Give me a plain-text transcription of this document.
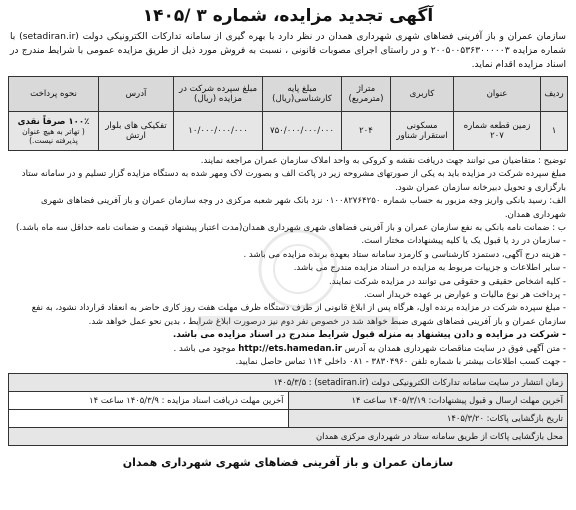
آگهی تجدید مزایده، شماره ۳ /۱۴۰۵
سازمان عمران و باز آفرینی فضاهای شهری شهرداری همدان در نظر دارد با بهره گیری از سامانه تدارکات الکترونیکی دولت (setadiran.ir) با شماره مزایده ۲۰۰۵۰۰۵۳۶۳۰۰۰۰۰۳ و در راستای اجرای مصوبات قانونی ، نسبت به فروش مورد ذیل از طریق مزایده عمومی با شرایط مندرج در اسناد مزایده اقدام نماید.
ردیف	عنوان	کاربری	متراژ (مترمربع)	مبلغ پایه کارشناسی(ریال)	مبلغ سپرده شرکت در مزایده (ریال)	آدرس	نحوه پرداخت
۱	زمین قطعه شماره ۲۰۷	مسکونی استقرار شناور	۲۰۴	۷۵۰/۰۰۰/۰۰۰/۰۰۰	۱۰/۰۰۰/۰۰۰/۰۰۰	تفکیکی های بلوار ارتش	۱۰۰٪ صرفاً نقدی
( تهاتر به هیچ عنوان پذیرفته نیست.)

توضیح : متقاضیان می توانند جهت دریافت نقشه و کروکی به واحد املاک سازمان عمران مراجعه نمایند.

مبلغ سپرده شرکت در مزایده باید به یکی از صورتهای مشروحه زیر در پاکت الف و بصورت لاک ومهر شده به دستگاه مزایده گزار تسلیم و در سامانه ستاد بارگزاری و تحویل دبیرخانه سازمان عمران شود.

الف: رسید بانکی واریز وجه مزبور به حساب شماره ۰۱۰۰۸۲۷۶۴۲۵۰ نزد بانک شهر شعبه مرکزی در وجه سازمان عمران و باز آفرینی فضاهای شهری شهرداری همدان.

ب : ضمانت نامه بانکی به نفع سازمان عمران و باز آفرینی فضاهای شهری شهرداری همدان(مدت اعتبار پیشنهاد قیمت و ضمانت نامه حداقل سه ماه باشد.)

- سازمان در رد یا قبول یک یا کلیه پیشنهادات مختار است.

- هزینه درج آگهی، دستمزد کارشناسی و کارمزد سامانه ستاد بعهده برنده مزایده می باشد .

- سایر اطلاعات و جزییات مربوط به مزایده در اسناد مزایده مندرج می باشد.

- کلیه اشخاص حقیقی و حقوقی می توانند در مزایده شرکت نمایند.

- پرداخت هر نوع مالیات و عوارض بر عهده خریدار است.

- مبلغ سپرده شرکت در مزایده برنده اول، هرگاه پس از ابلاغ قانونی از طرف دستگاه ظرف مهلت هفت روز کاری حاضر به انعقاد قرارداد نشود، به نفع سازمان عمران و باز آفرینی فضاهای شهری ضبط خواهد شد در خصوص نفر دوم نیز درصورت ابلاغ شرایط ، بدین نحو عمل خواهد شد.

- شرکت در مزایده و دادن پیشنهاد به منزله قبول شرایط مندرج در اسناد مزایده می باشد.

- متن آگهی فوق در سایت مناقصات شهرداری همدان به آدرس http://ets.hamedan.ir موجود می باشد .

- جهت کسب اطلاعات بیشتر با شماره تلفن ۳۸۳۰۴۹۶۰ - ۰۸۱ داخلی ۱۱۴ تماس حاصل نمایید.

زمان انتشار در سایت سامانه تدارکات الکترونیکی دولت (setadiran.ir) : ۱۴۰۵/۳/۵	
آخرین مهلت ارسال و قبول پیشنهادات: ۱۴۰۵/۳/۱۹ ساعت ۱۴	آخرین مهلت دریافت اسناد مزایده : ۱۴۰۵/۳/۹ ساعت ۱۴
تاریخ بازگشایی پاکات: ۱۴۰۵/۳/۲۰	
محل بازگشایی پاکات از طریق سامانه ستاد در شهرداری مرکزی همدان	
سازمان عمران و باز آفرینی فضاهای شهری شهرداری همدان
